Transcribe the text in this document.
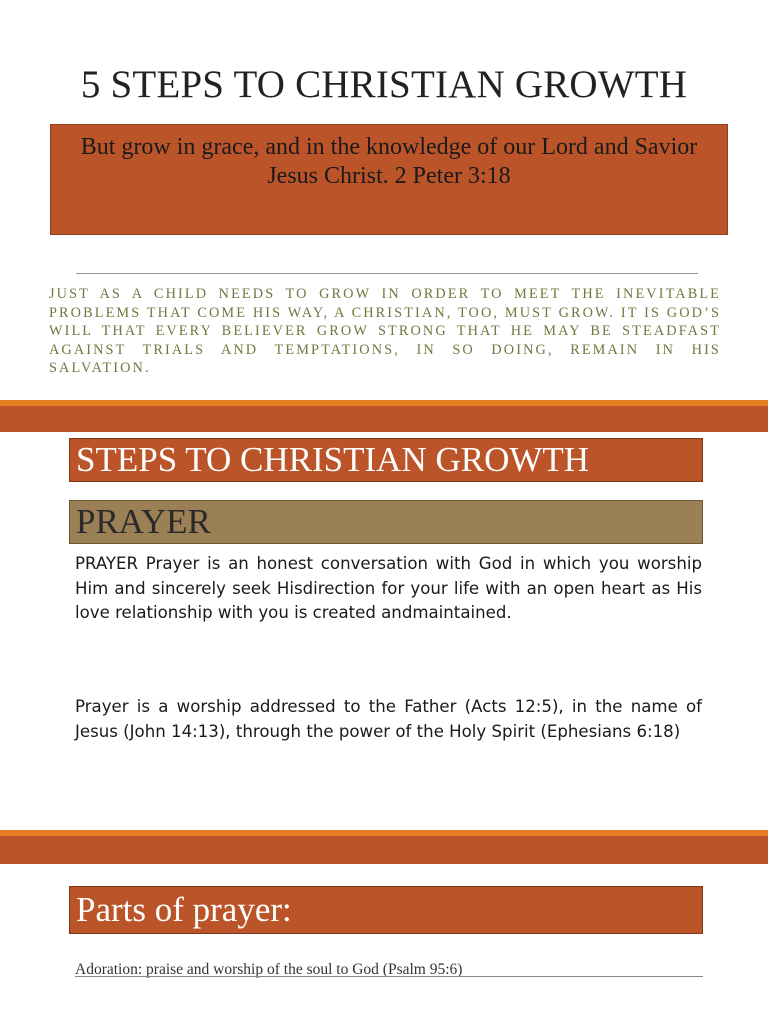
5 STEPS TO CHRISTIAN GROWTH
But grow in grace, and in the knowledge of our Lord and Savior Jesus Christ. 2 Peter 3:18
JUST AS A CHILD NEEDS TO GROW IN ORDER TO MEET THE INEVITABLE PROBLEMS THAT COME HIS WAY, A CHRISTIAN, TOO, MUST GROW. IT IS GOD’S WILL THAT EVERY BELIEVER GROW STRONG THAT HE MAY BE STEADFAST AGAINST TRIALS AND TEMPTATIONS, IN SO DOING, REMAIN IN HIS SALVATION.
STEPS TO CHRISTIAN GROWTH
PRAYER
PRAYER Prayer is an honest conversation with God in which you worship Him and sincerely seek Hisdirection for your life with an open heart as His love relationship with you is created andmaintained.
Prayer is a worship addressed to the Father (Acts 12:5), in the name of Jesus (John 14:13), through the power of the Holy Spirit (Ephesians 6:18)
Parts of prayer:
Adoration: praise and worship of the soul to God (Psalm 95:6)
